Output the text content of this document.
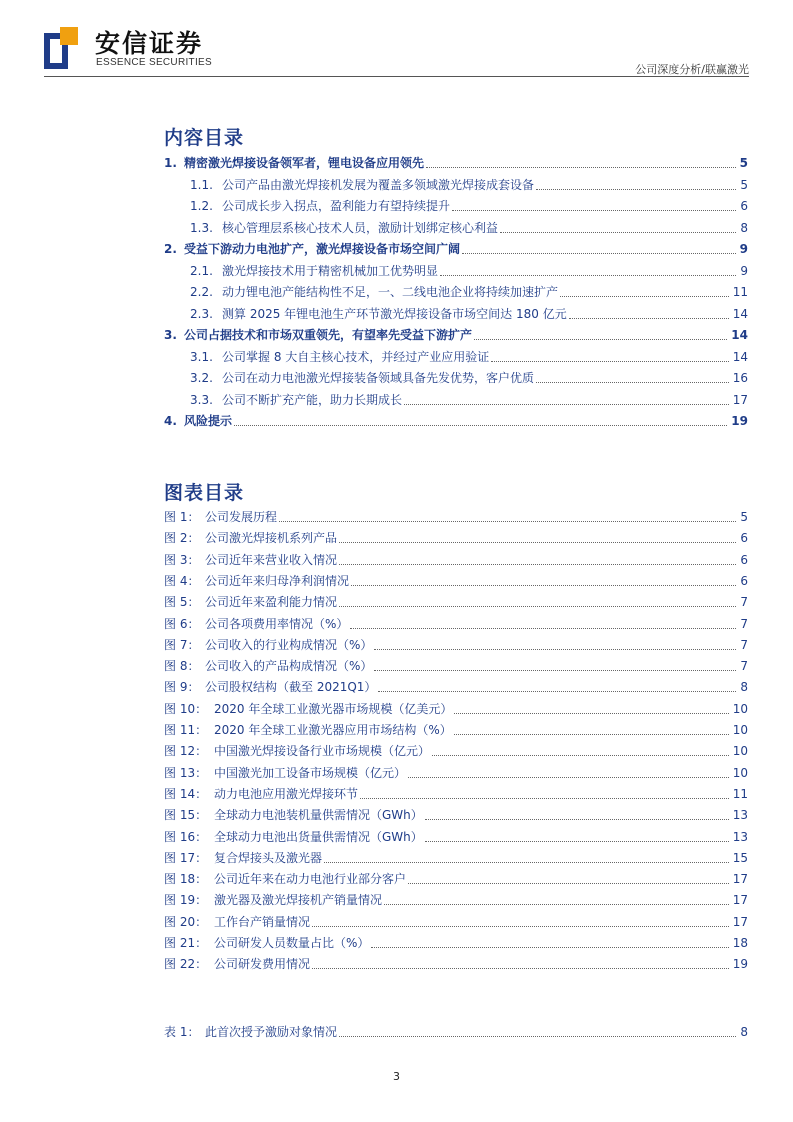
安信证券
ESSENCE SECURITIES
公司深度分析/联赢激光
内容目录
1. 精密激光焊接设备领军者，锂电设备应用领先	5
1.1. 公司产品由激光焊接机发展为覆盖多领域激光焊接成套设备	5
1.2. 公司成长步入拐点，盈利能力有望持续提升	6
1.3. 核心管理层系核心技术人员，激励计划绑定核心利益	8
2. 受益下游动力电池扩产，激光焊接设备市场空间广阔	9
2.1. 激光焊接技术用于精密机械加工优势明显	9
2.2. 动力锂电池产能结构性不足，一、二线电池企业将持续加速扩产	11
2.3. 测算 2025 年锂电池生产环节激光焊接设备市场空间达 180 亿元	14
3. 公司占据技术和市场双重领先，有望率先受益下游扩产	14
3.1. 公司掌握 8 大自主核心技术，并经过产业应用验证	14
3.2. 公司在动力电池激光焊接装备领域具备先发优势，客户优质	16
3.3. 公司不断扩充产能，助力长期成长	17
4. 风险提示	19
图表目录
图 1： 公司发展历程	5
图 2： 公司激光焊接机系列产品	6
图 3： 公司近年来营业收入情况	6
图 4： 公司近年来归母净利润情况	6
图 5： 公司近年来盈利能力情况	7
图 6： 公司各项费用率情况（%）	7
图 7： 公司收入的行业构成情况（%）	7
图 8： 公司收入的产品构成情况（%）	7
图 9： 公司股权结构（截至 2021Q1）	8
图 10： 2020 年全球工业激光器市场规模（亿美元）	10
图 11： 2020 年全球工业激光器应用市场结构（%）	10
图 12： 中国激光焊接设备行业市场规模（亿元）	10
图 13： 中国激光加工设备市场规模（亿元）	10
图 14： 动力电池应用激光焊接环节	11
图 15： 全球动力电池装机量供需情况（GWh）	13
图 16： 全球动力电池出货量供需情况（GWh）	13
图 17： 复合焊接头及激光器	15
图 18： 公司近年来在动力电池行业部分客户	17
图 19： 激光器及激光焊接机产销量情况	17
图 20： 工作台产销量情况	17
图 21： 公司研发人员数量占比（%）	18
图 22： 公司研发费用情况	19
表 1： 此首次授予激励对象情况	8
3
